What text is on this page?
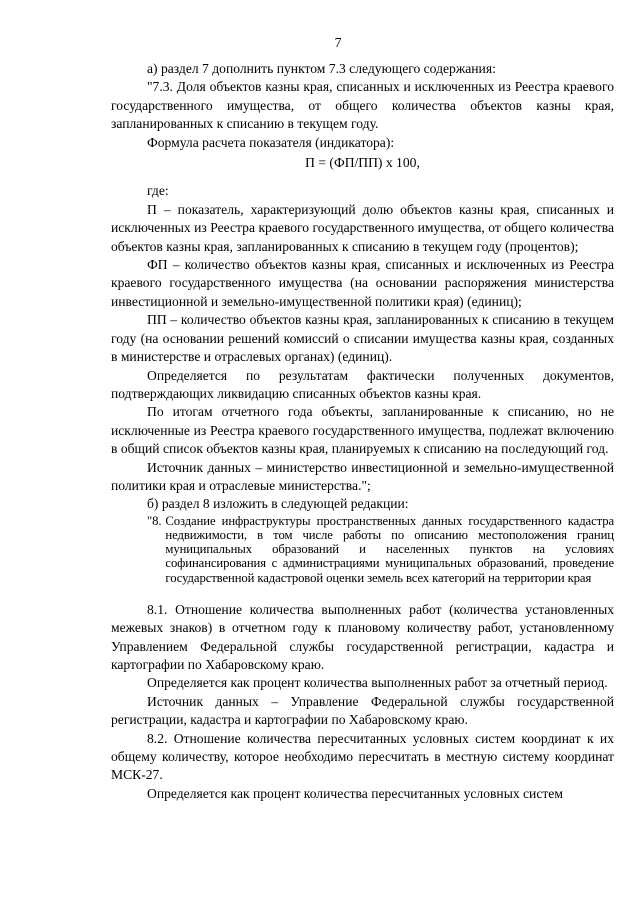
7

а) раздел 7 дополнить пунктом 7.3 следующего содержания:

"7.3. Доля объектов казны края, списанных и исключенных из Реестра краевого государственного имущества, от общего количества объектов казны края, запланированных к списанию в текущем году.

Формула расчета показателя (индикатора):

П = (ФП/ПП) х 100,

где:

П – показатель, характеризующий долю объектов казны края, списанных и исключенных из Реестра краевого государственного имущества, от общего количества объектов казны края, запланированных к списанию в текущем году (процентов);

ФП – количество объектов казны края, списанных и исключенных из Реестра краевого государственного имущества (на основании распоряжения министерства инвестиционной и земельно-имущественной политики края) (единиц);

ПП – количество объектов казны края, запланированных к списанию в текущем году (на основании решений комиссий о списании имущества казны края, созданных в министерстве и отраслевых органах) (единиц).

Определяется по результатам фактически полученных документов, подтверждающих ликвидацию списанных объектов казны края.

По итогам отчетного года объекты, запланированные к списанию, но не исключенные из Реестра краевого государственного имущества, подлежат включению в общий список объектов казны края, планируемых к списанию на последующий год.

Источник данных – министерство инвестиционной и земельно-имущественной политики края и отраслевые министерства.";

б) раздел 8 изложить в следующей редакции:

"8. Создание инфраструктуры пространственных данных государственного кадастра недвижимости, в том числе работы по описанию местоположения границ муниципальных образований и населенных пунктов на условиях софинансирования с администрациями муниципальных образований, проведение государственной кадастровой оценки земель всех категорий на территории края

8.1. Отношение количества выполненных работ (количества установленных межевых знаков) в отчетном году к плановому количеству работ, установленному Управлением Федеральной службы государственной регистрации, кадастра и картографии по Хабаровскому краю.

Определяется как процент количества выполненных работ за отчетный период.

Источник данных – Управление Федеральной службы государственной регистрации, кадастра и картографии по Хабаровскому краю.

8.2. Отношение количества пересчитанных условных систем координат к их общему количеству, которое необходимо пересчитать в местную систему координат МСК-27.

Определяется как процент количества пересчитанных условных систем
